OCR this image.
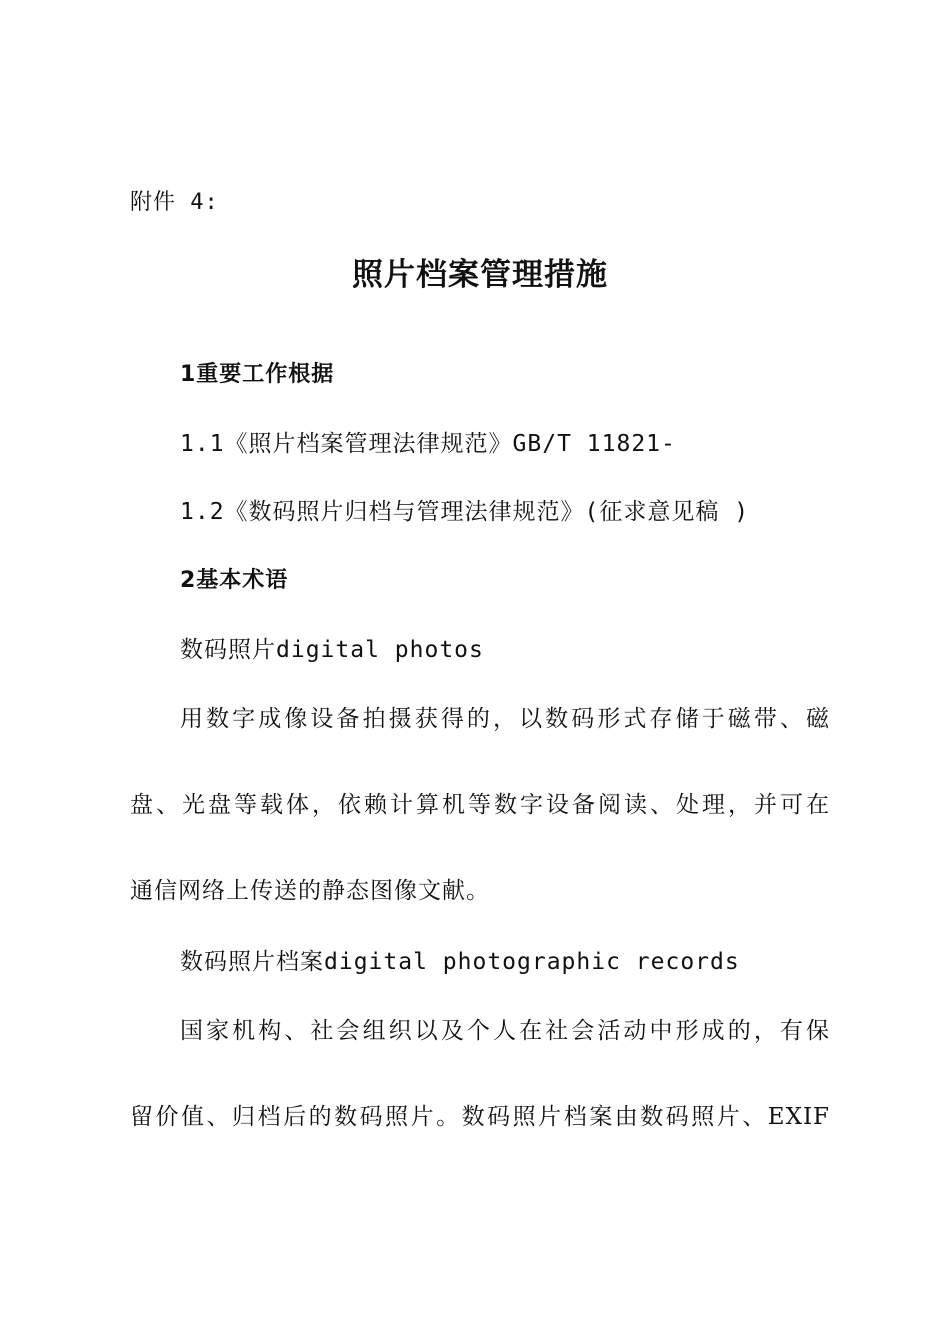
附件 4:
照片档案管理措施
1重要工作根据
1.1《照片档案管理法律规范》GB/T 11821-
1.2《数码照片归档与管理法律规范》(征求意见稿 )
2基本术语
数码照片digital photos
用数字成像设备拍摄获得的，以数码形式存储于磁带、磁
盘、光盘等载体，依赖计算机等数字设备阅读、处理，并可在
通信网络上传送的静态图像文献。
数码照片档案digital photographic records
国家机构、社会组织以及个人在社会活动中形成的，有保
留价值、归档后的数码照片。数码照片档案由数码照片、EXIF
